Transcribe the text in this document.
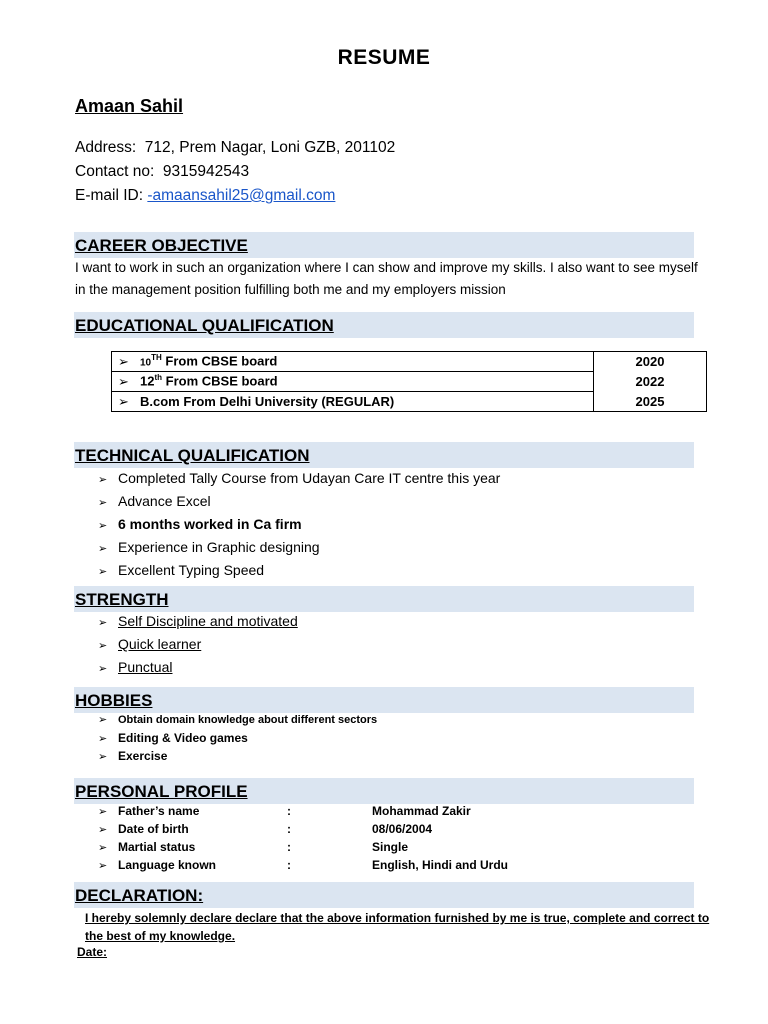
RESUME
Amaan Sahil
Address: 712, Prem Nagar, Loni GZB, 201102
Contact no: 9315942543
E-mail ID: -amaansahil25@gmail.com
CAREER OBJECTIVE
I want to work in such an organization where I can show and improve my skills. I also want to see myself in the management position fulfilling both me and my employers mission
EDUCATIONAL QUALIFICATION
➢ 10TH From CBSE board	2020
➢ 12th From CBSE board	2022
➢ B.com From Delhi University (REGULAR)	2025
TECHNICAL QUALIFICATION
➢ Completed Tally Course from Udayan Care IT centre this year
➢ Advance Excel
➢ 6 months worked in Ca firm
➢ Experience in Graphic designing
➢ Excellent Typing Speed
STRENGTH
➢ Self Discipline and motivated
➢ Quick learner
➢ Punctual
HOBBIES
➢ Obtain domain knowledge about different sectors
➢ Editing & Video games
➢ Exercise
PERSONAL PROFILE
➢ Father’s name	:	Mohammad Zakir
➢ Date of birth	:	08/06/2004
➢ Martial status	:	Single
➢ Language known	:	English, Hindi and Urdu
DECLARATION:
I hereby solemnly declare declare that the above information furnished by me is true, complete and correct to the best of my knowledge.
Date:
